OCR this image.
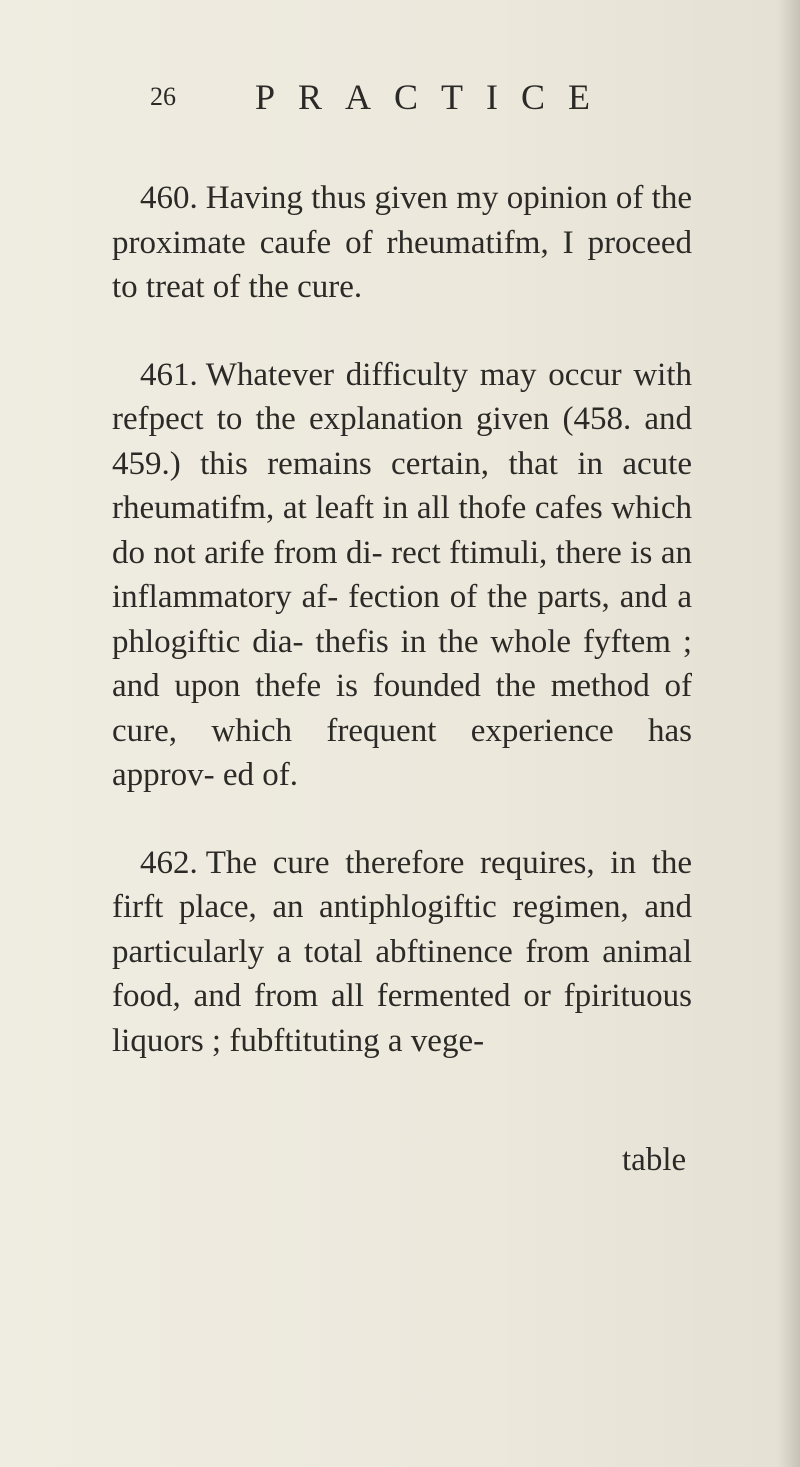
26 PRACTICE

460. Having thus given my opinion of the proximate caufe of rheumatifm, I proceed to treat of the cure.

461. Whatever difficulty may occur with refpect to the explanation given (458. and 459.) this remains certain, that in acute rheumatifm, at leaft in all thofe cafes which do not arife from di- rect ftimuli, there is an inflammatory af- fection of the parts, and a phlogiftic dia- thefis in the whole fyftem ; and upon thefe is founded the method of cure, which frequent experience has approv- ed of.

462. The cure therefore requires, in the firft place, an antiphlogiftic regimen, and particularly a total abftinence from animal food, and from all fermented or fpirituous liquors ; fubftituting a vege-

table
